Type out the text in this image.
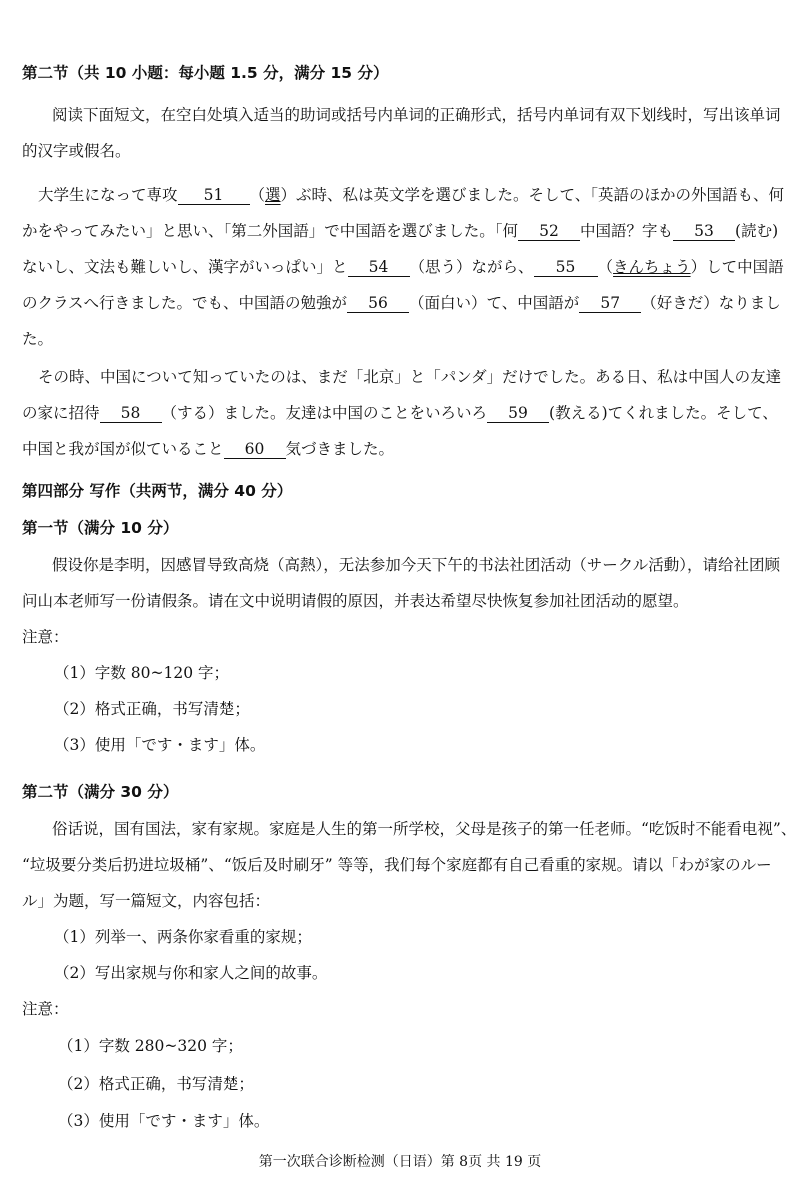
第二节（共 10 小题：每小题 1.5 分，满分 15 分）
阅读下面短文，在空白处填入适当的助词或括号内单词的正确形式，括号内单词有双下划线时，写出该单词
的汉字或假名。
大学生になって専攻 51 （選）ぶ時、私は英文学を選びました。そして、「英語のほかの外国語も、何
かをやってみたい」と思い、「第二外国語」で中国語を選びました。「何 52 中国語？字も 53 (読む)
ないし、文法も難しいし、漢字がいっぱい」と 54 （思う）ながら、 55 （きんちょう）して中国語
のクラスへ行きました。でも、中国語の勉強が 56 （面白い）て、中国語が 57 （好きだ）なりまし
た。
その時、中国について知っていたのは、まだ「北京」と「パンダ」だけでした。ある日、私は中国人の友達
の家に招待 58 （する）ました。友達は中国のことをいろいろ 59 (教える)てくれました。そして、
中国と我が国が似ていること 60 気づきました。
第四部分 写作（共两节，满分 40 分）
第一节（满分 10 分）
假设你是李明，因感冒导致高烧（高熱），无法参加今天下午的书法社团活动（サークル活動），请给社团顾
问山本老师写一份请假条。请在文中说明请假的原因，并表达希望尽快恢复参加社团活动的愿望。
注意：
（1）字数 80~120 字；
（2）格式正确，书写清楚；
（3）使用「です・ます」体。
第二节（满分 30 分）
俗话说，国有国法，家有家规。家庭是人生的第一所学校，父母是孩子的第一任老师。“吃饭时不能看电视”、
“垃圾要分类后扔进垃圾桶”、“饭后及时刷牙” 等等，我们每个家庭都有自己看重的家规。请以「わが家のルー
ル」为题，写一篇短文，内容包括：
（1）列举一、两条你家看重的家规；
（2）写出家规与你和家人之间的故事。
注意：
（1）字数 280~320 字；
（2）格式正确，书写清楚；
（3）使用「です・ます」体。
第一次联合诊断检测（日语）第 8页 共 19 页
